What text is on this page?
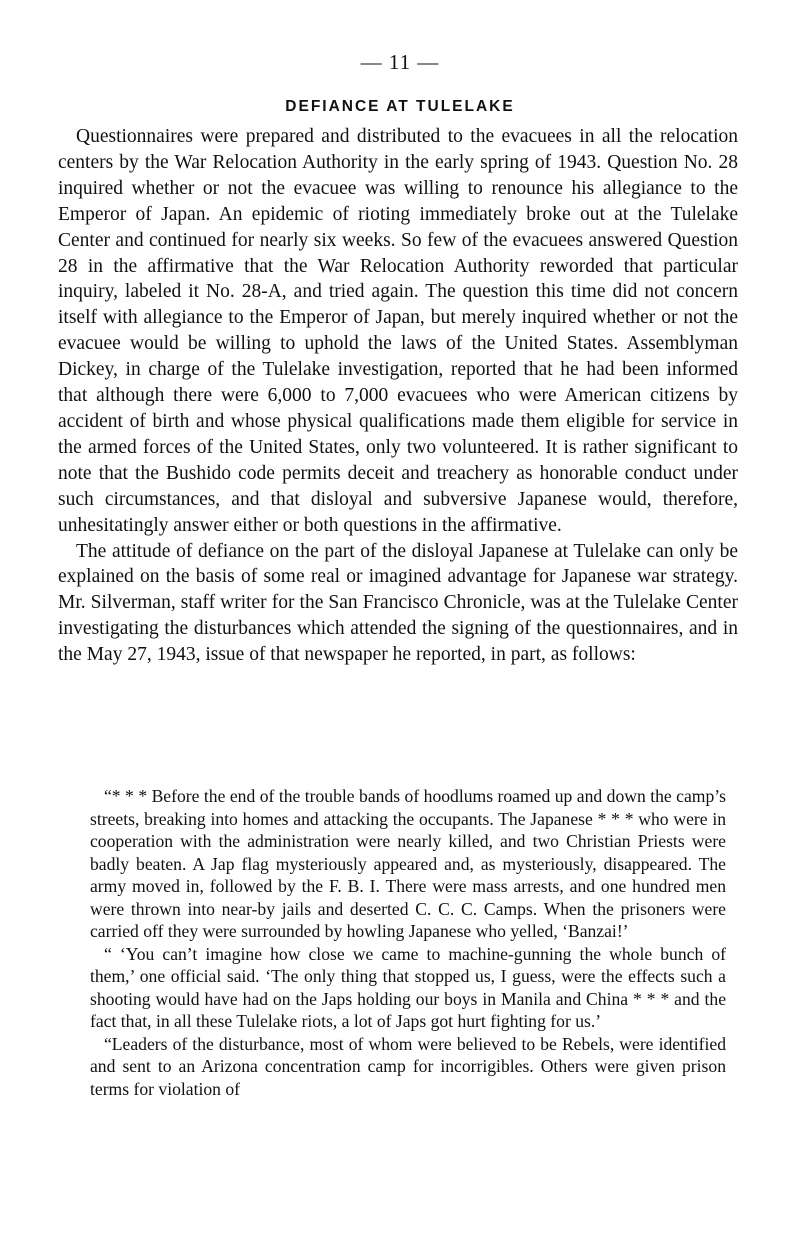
— 11 —
DEFIANCE AT TULELAKE

Questionnaires were prepared and distributed to the evacuees in all the relocation centers by the War Relocation Authority in the early spring of 1943. Question No. 28 inquired whether or not the evacuee was willing to renounce his allegiance to the Emperor of Japan. An epidemic of rioting immediately broke out at the Tulelake Center and continued for nearly six weeks. So few of the evacuees answered Question 28 in the affirmative that the War Relocation Authority reworded that particular inquiry, labeled it No. 28-A, and tried again. The question this time did not concern itself with allegiance to the Emperor of Japan, but merely inquired whether or not the evacuee would be willing to uphold the laws of the United States. Assemblyman Dickey, in charge of the Tulelake investigation, reported that he had been informed that although there were 6,000 to 7,000 evacuees who were American citizens by accident of birth and whose physical qualifications made them eligible for service in the armed forces of the United States, only two volunteered. It is rather significant to note that the Bushido code permits deceit and treachery as honorable conduct under such circumstances, and that disloyal and subversive Japanese would, therefore, unhesitatingly answer either or both questions in the affirmative.

The attitude of defiance on the part of the disloyal Japanese at Tulelake can only be explained on the basis of some real or imagined advantage for Japanese war strategy. Mr. Silverman, staff writer for the San Francisco Chronicle, was at the Tulelake Center investigating the disturbances which attended the signing of the questionnaires, and in the May 27, 1943, issue of that newspaper he reported, in part, as follows:

“* * * Before the end of the trouble bands of hoodlums roamed up and down the camp’s streets, breaking into homes and attacking the occupants. The Japanese * * * who were in cooperation with the administration were nearly killed, and two Christian Priests were badly beaten. A Jap flag mysteriously appeared and, as mysteriously, disappeared. The army moved in, followed by the F. B. I. There were mass arrests, and one hundred men were thrown into near-by jails and deserted C. C. C. Camps. When the prisoners were carried off they were surrounded by howling Japanese who yelled, ‘Banzai!’

“ ‘You can’t imagine how close we came to machine-gunning the whole bunch of them,’ one official said. ‘The only thing that stopped us, I guess, were the effects such a shooting would have had on the Japs holding our boys in Manila and China * * * and the fact that, in all these Tulelake riots, a lot of Japs got hurt fighting for us.’

“Leaders of the disturbance, most of whom were believed to be Rebels, were identified and sent to an Arizona concentration camp for incorrigibles. Others were given prison terms for violation of
